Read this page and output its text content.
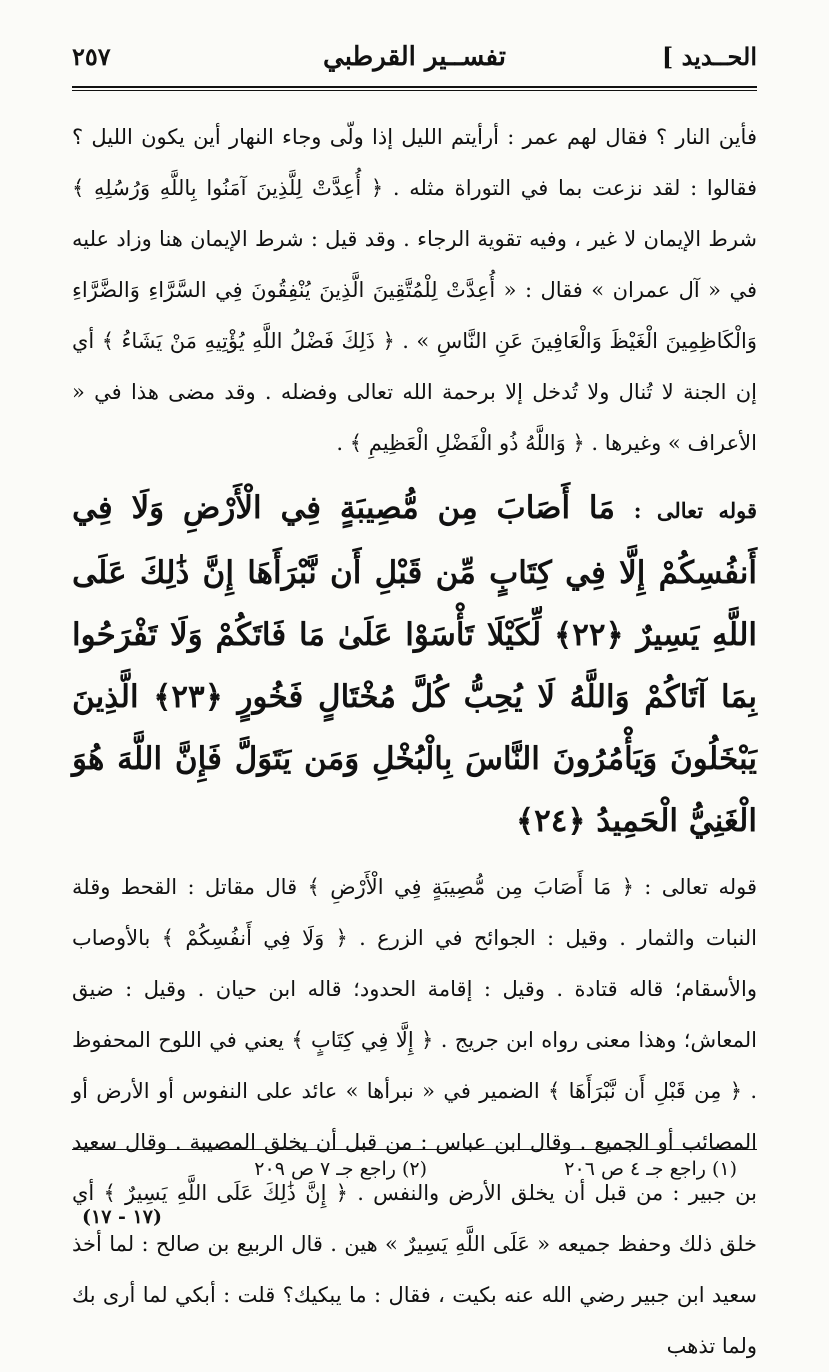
الحــديد ]
تفســير القرطبي
٢٥٧

فأين النار ؟ فقال لهم عمر : أرأيتم الليل إذا ولّى وجاء النهار أين يكون الليل ؟ فقالوا : لقد نزعت بما في التوراة مثله . ﴿ أُعِدَّتْ لِلَّذِينَ آمَنُوا بِاللَّهِ وَرُسُلِهِ ﴾ شرط الإيمان لا غير ، وفيه تقوية الرجاء . وقد قيل : شرط الإيمان هنا وزاد عليه في « آل عمران » فقال : « أُعِدَّتْ لِلْمُتَّقِينَ الَّذِينَ يُنْفِقُونَ فِي السَّرَّاءِ وَالضَّرَّاءِ وَالْكَاظِمِينَ الْغَيْظَ وَالْعَافِينَ عَنِ النَّاسِ » . ﴿ ذَلِكَ فَضْلُ اللَّهِ يُؤْتِيهِ مَنْ يَشَاءُ ﴾ أي إن الجنة لا تُنال ولا تُدخل إلا برحمة الله تعالى وفضله . وقد مضى هذا في « الأعراف » وغيرها . ﴿ وَاللَّهُ ذُو الْفَضْلِ الْعَظِيمِ ﴾ .

قوله تعالى : مَا أَصَابَ مِن مُّصِيبَةٍ فِي الْأَرْضِ وَلَا فِي أَنفُسِكُمْ إِلَّا فِي كِتَابٍ مِّن قَبْلِ أَن نَّبْرَأَهَا إِنَّ ذَٰلِكَ عَلَى اللَّهِ يَسِيرٌ ﴿٢٢﴾ لِّكَيْلَا تَأْسَوْا عَلَىٰ مَا فَاتَكُمْ وَلَا تَفْرَحُوا بِمَا آتَاكُمْ وَاللَّهُ لَا يُحِبُّ كُلَّ مُخْتَالٍ فَخُورٍ ﴿٢٣﴾ الَّذِينَ يَبْخَلُونَ وَيَأْمُرُونَ النَّاسَ بِالْبُخْلِ وَمَن يَتَوَلَّ فَإِنَّ اللَّهَ هُوَ الْغَنِيُّ الْحَمِيدُ ﴿٢٤﴾

قوله تعالى : ﴿ مَا أَصَابَ مِن مُّصِيبَةٍ فِي الْأَرْضِ ﴾ قال مقاتل : القحط وقلة النبات والثمار . وقيل : الجوائح في الزرع . ﴿ وَلَا فِي أَنفُسِكُمْ ﴾ بالأوصاب والأسقام؛ قاله قتادة . وقيل : إقامة الحدود؛ قاله ابن حيان . وقيل : ضيق المعاش؛ وهذا معنى رواه ابن جريج . ﴿ إِلَّا فِي كِتَابٍ ﴾ يعني في اللوح المحفوظ . ﴿ مِن قَبْلِ أَن نَّبْرَأَهَا ﴾ الضمير في « نبرأها » عائد على النفوس أو الأرض أو المصائب أو الجميع . وقال ابن عباس : من قبل أن يخلق المصيبة . وقال سعيد بن جبير : من قبل أن يخلق الأرض والنفس . ﴿ إِنَّ ذَٰلِكَ عَلَى اللَّهِ يَسِيرٌ ﴾ أي خلق ذلك وحفظ جميعه « عَلَى اللَّهِ يَسِيرٌ » هين . قال الربيع بن صالح : لما أخذ سعيد ابن جبير رضي الله عنه بكيت ، فقال : ما يبكيك؟ قلت : أبكي لما أرى بك ولما تذهب

(١) راجع جـ ٤ ص ٢٠٦
(٢) راجع جـ ٧ ص ٢٠٩
(١٧ - ١٧)
